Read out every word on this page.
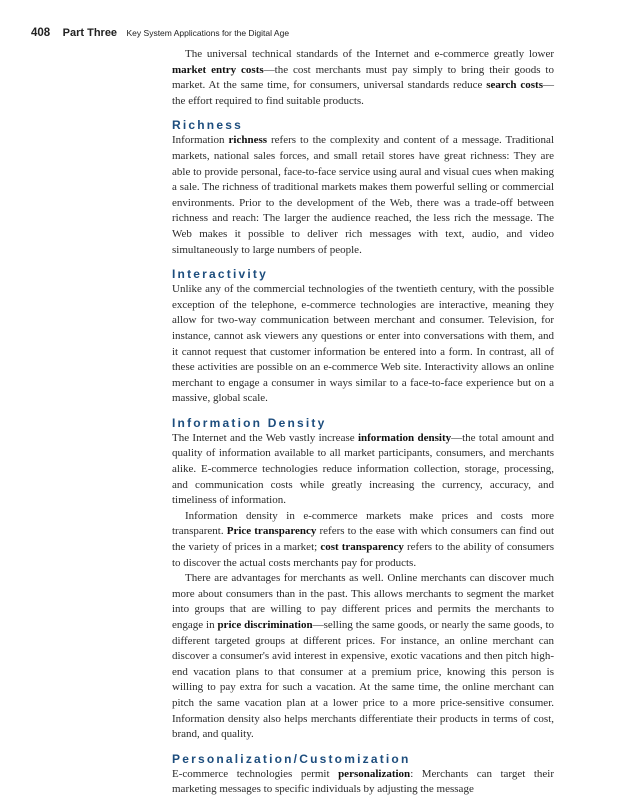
408 Part Three Key System Applications for the Digital Age

The universal technical standards of the Internet and e-commerce greatly lower market entry costs—the cost merchants must pay simply to bring their goods to market. At the same time, for consumers, universal standards reduce search costs—the effort required to find suitable products.

Richness

Information richness refers to the complexity and content of a message. Traditional markets, national sales forces, and small retail stores have great richness: They are able to provide personal, face-to-face service using aural and visual cues when making a sale. The richness of traditional markets makes them powerful selling or commercial environments. Prior to the development of the Web, there was a trade-off between richness and reach: The larger the audience reached, the less rich the message. The Web makes it possible to deliver rich messages with text, audio, and video simultaneously to large numbers of people.

Interactivity

Unlike any of the commercial technologies of the twentieth century, with the possible exception of the telephone, e-commerce technologies are interactive, meaning they allow for two-way communication between merchant and consumer. Television, for instance, cannot ask viewers any questions or enter into conversations with them, and it cannot request that customer information be entered into a form. In contrast, all of these activities are possible on an e-commerce Web site. Interactivity allows an online merchant to engage a consumer in ways similar to a face-to-face experience but on a massive, global scale.

Information Density

The Internet and the Web vastly increase information density—the total amount and quality of information available to all market participants, consumers, and merchants alike. E-commerce technologies reduce information collection, storage, processing, and communication costs while greatly increasing the currency, accuracy, and timeliness of information.

Information density in e-commerce markets make prices and costs more transparent. Price transparency refers to the ease with which consumers can find out the variety of prices in a market; cost transparency refers to the ability of consumers to discover the actual costs merchants pay for products.

There are advantages for merchants as well. Online merchants can discover much more about consumers than in the past. This allows merchants to segment the market into groups that are willing to pay different prices and permits the merchants to engage in price discrimination—selling the same goods, or nearly the same goods, to different targeted groups at different prices. For instance, an online merchant can discover a consumer's avid interest in expensive, exotic vacations and then pitch high-end vacation plans to that consumer at a premium price, knowing this person is willing to pay extra for such a vacation. At the same time, the online merchant can pitch the same vacation plan at a lower price to a more price-sensitive consumer. Information density also helps merchants differentiate their products in terms of cost, brand, and quality.

Personalization/Customization

E-commerce technologies permit personalization: Merchants can target their marketing messages to specific individuals by adjusting the message
